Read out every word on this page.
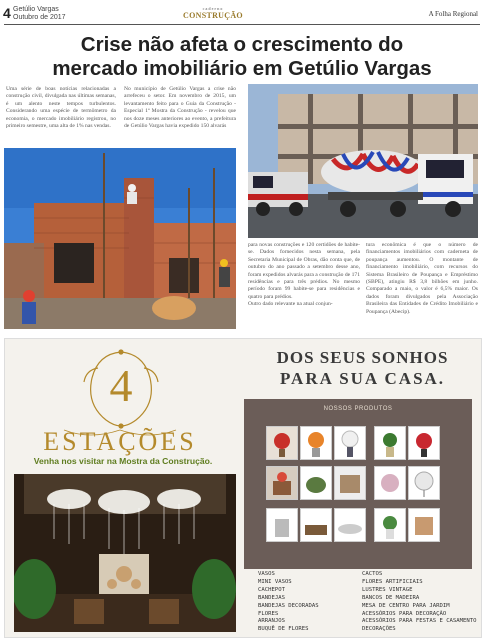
4 Getúlio Vargas
Outubro de 2017
caderno
CONSTRUÇÃO	A Folha Regional
Crise não afeta o crescimento do
mercado imobiliário em Getúlio Vargas
Uma série de boas notícias relacionadas a construção civil, divulgada nas últimas semanas, é um alento neste tempos turbulentos. Considerando uma espécie de termômetro da economia, o mercado imobiliário registrou, no primeiro semestre, uma alta de 1% nas vendas.
No município de Getúlio Vargas a crise não arrefeceu o setor. Em novembro de 2015, um levantamento feito para o Guia da Construção - Especial 1ª Mostra da Construção - revelou que nos doze meses anteriores ao evento, a prefeitura de Getúlio Vargas havia expedido 150 alvarás
para novas construções e 120 certidões de habite-se. Dados fornecidos nesta semana, pela Secretaria Municipal de Obras, dão conta que, de outubro do ano passado a setembro desse ano, foram expedidos alvarás para a construção de 171 residências e para três prédios. No mesmo período foram 99 habite-se para residências e quatro para prédios.
Outro dado relevante na atual conjun-
tura econômica é que o número de financiamentos imobiliários com caderneta de poupança aumentou. O montante de financiamento imobiliário, com recursos do Sistema Brasileiro de Poupança e Empréstimo (SBPE), atingiu R$ 3,8 bilhões em junho. Comparado a maio, o valor é 6,5% maior. Os dados foram divulgados pela Associação Brasileira das Entidades de Crédito Imobiliário e Poupança (Abecip).
4
ESTAÇÕES
Venha nos visitar na Mostra da Construção.
DOS SEUS SONHOS
PARA SUA CASA.
NOSSOS PRODUTOS
VASOS
MINI VASOS
CACHEPOT
BANDEJAS
BANDEJAS DECORADAS
FLORES
ARRANJOS
BUQUÊ DE FLORES
CACTOS
FLORES ARTIFICIAIS
LUSTRES VINTAGE
BANCOS DE MADEIRA
MESA DE CENTRO PARA JARDIM
ACESSÓRIOS PARA DECORAÇÃO
ACESSÓRIOS PARA FESTAS E CASAMENTO
DECORAÇÕES
